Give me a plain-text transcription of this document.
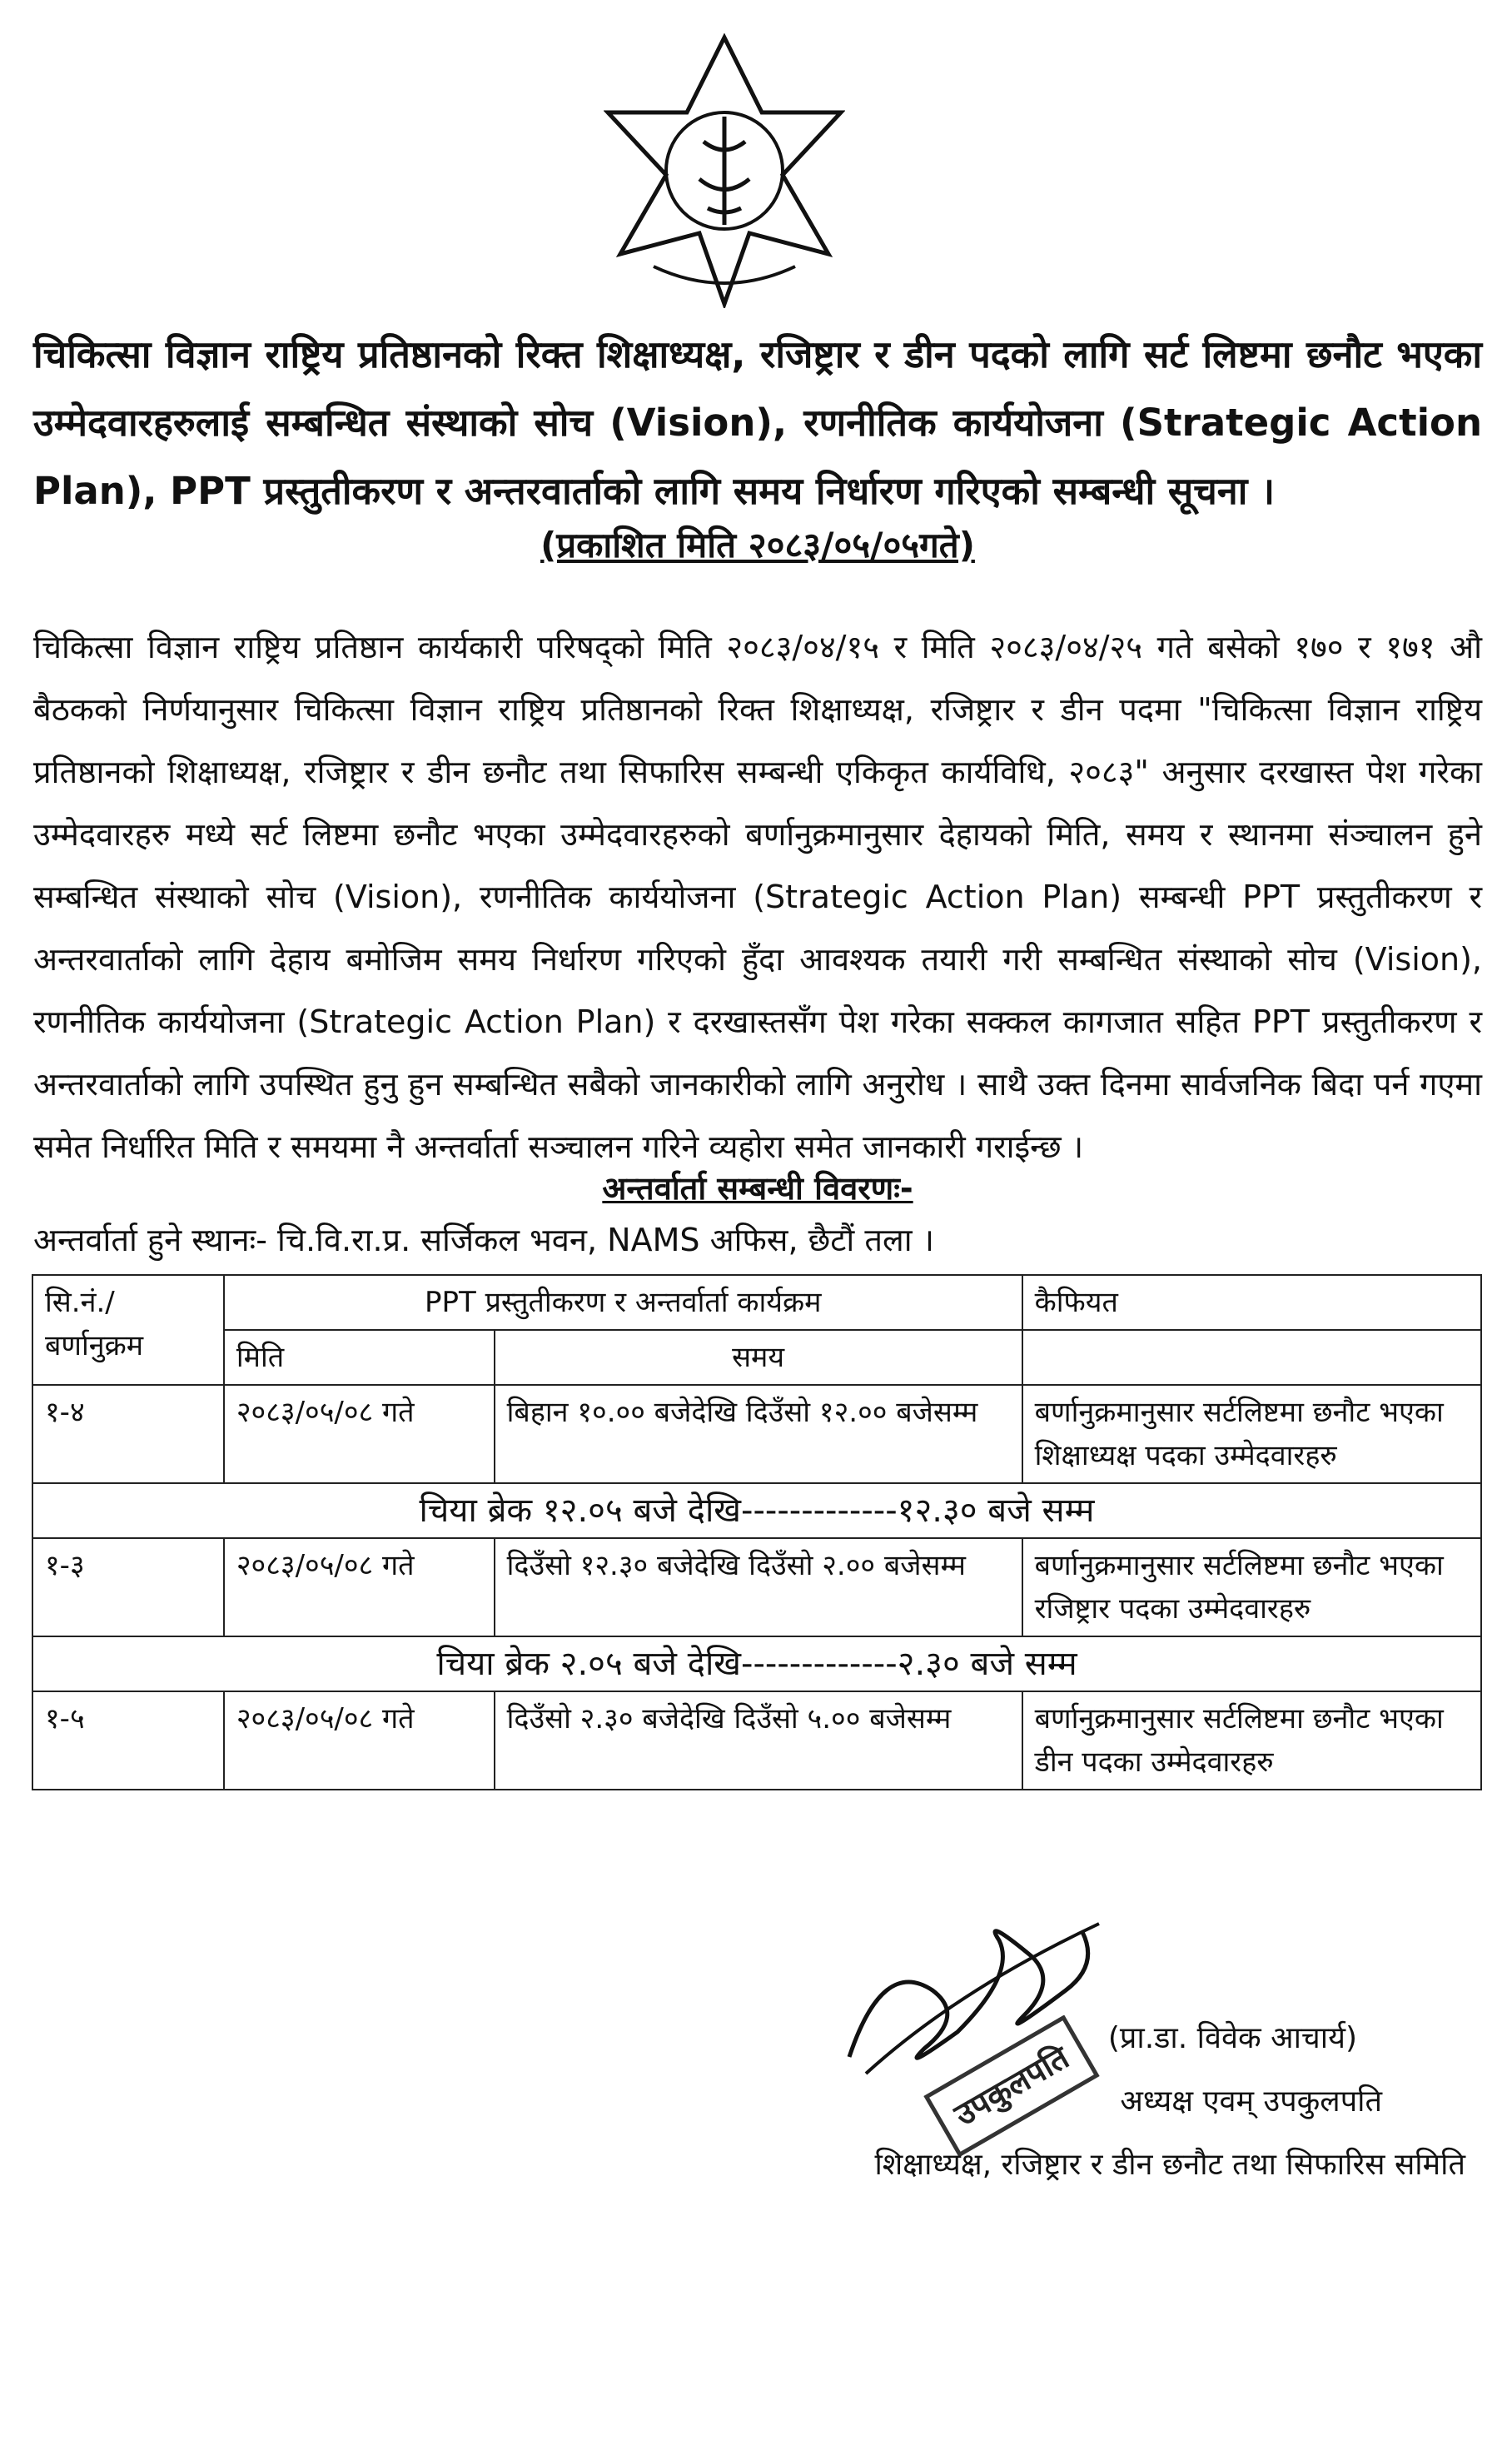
चिकित्सा विज्ञान राष्ट्रिय प्रतिष्ठानको रिक्त शिक्षाध्यक्ष, रजिष्ट्रार र डीन पदको लागि सर्ट लिष्टमा छनौट भएका उम्मेदवारहरुलाई सम्बन्धित संस्थाको सोच (Vision), रणनीतिक कार्ययोजना (Strategic Action Plan), PPT प्रस्तुतीकरण र अन्तरवार्ताको लागि समय निर्धारण गरिएको सम्बन्धी सूचना ।
(प्रकाशित मिति २०८३/०५/०५गते)
चिकित्सा विज्ञान राष्ट्रिय प्रतिष्ठान कार्यकारी परिषद्को मिति २०८३/०४/१५ र मिति २०८३/०४/२५ गते बसेको १७० र १७१ औ बैठकको निर्णयानुसार चिकित्सा विज्ञान राष्ट्रिय प्रतिष्ठानको रिक्त शिक्षाध्यक्ष, रजिष्ट्रार र डीन पदमा "चिकित्सा विज्ञान राष्ट्रिय प्रतिष्ठानको शिक्षाध्यक्ष, रजिष्ट्रार र डीन छनौट तथा सिफारिस सम्बन्धी एकिकृत कार्यविधि, २०८३" अनुसार दरखास्त पेश गरेका उम्मेदवारहरु मध्ये सर्ट लिष्टमा छनौट भएका उम्मेदवारहरुको बर्णानुक्रमानुसार देहायको मिति, समय र स्थानमा संञ्चालन हुने सम्बन्धित संस्थाको सोच (Vision), रणनीतिक कार्ययोजना (Strategic Action Plan) सम्बन्धी PPT प्रस्तुतीकरण र अन्तरवार्ताको लागि देहाय बमोजिम समय निर्धारण गरिएको हुँदा आवश्यक तयारी गरी सम्बन्धित संस्थाको सोच (Vision), रणनीतिक कार्ययोजना (Strategic Action Plan) र दरखास्तसँग पेश गरेका सक्कल कागजात सहित PPT प्रस्तुतीकरण र अन्तरवार्ताको लागि उपस्थित हुनु हुन सम्बन्धित सबैको जानकारीको लागि अनुरोध । साथै उक्त दिनमा सार्वजनिक बिदा पर्न गएमा समेत निर्धारित मिति र समयमा नै अन्तर्वार्ता सञ्चालन गरिने व्यहोरा समेत जानकारी गराईन्छ ।
अन्तर्वार्ता सम्बन्धी विवरणः-
अन्तर्वार्ता हुने स्थानः- चि.वि.रा.प्र. सर्जिकल भवन, NAMS अफिस, छैटौं तला ।
सि.नं./ बर्णानुक्रम	PPT प्रस्तुतीकरण र अन्तर्वार्ता कार्यक्रम		कैफियत
	मिति	समय	
१-४	२०८३/०५/०८ गते	बिहान १०.०० बजेदेखि दिउँसो १२.०० बजेसम्म	बर्णानुक्रमानुसार सर्टलिष्टमा छनौट भएका शिक्षाध्यक्ष पदका उम्मेदवारहरु
चिया ब्रेक १२.०५ बजे देखि-------------१२.३० बजे सम्म			
१-३	२०८३/०५/०८ गते	दिउँसो १२.३० बजेदेखि दिउँसो २.०० बजेसम्म	बर्णानुक्रमानुसार सर्टलिष्टमा छनौट भएका रजिष्ट्रार पदका उम्मेदवारहरु
चिया ब्रेक २.०५ बजे देखि-------------२.३० बजे सम्म			
१-५	२०८३/०५/०८ गते	दिउँसो २.३० बजेदेखि दिउँसो ५.०० बजेसम्म	बर्णानुक्रमानुसार सर्टलिष्टमा छनौट भएका डीन पदका उम्मेदवारहरु
उपकुलपति
(प्रा.डा. विवेक आचार्य)
अध्यक्ष एवम् उपकुलपति
शिक्षाध्यक्ष, रजिष्ट्रार र डीन छनौट तथा सिफारिस समिति
